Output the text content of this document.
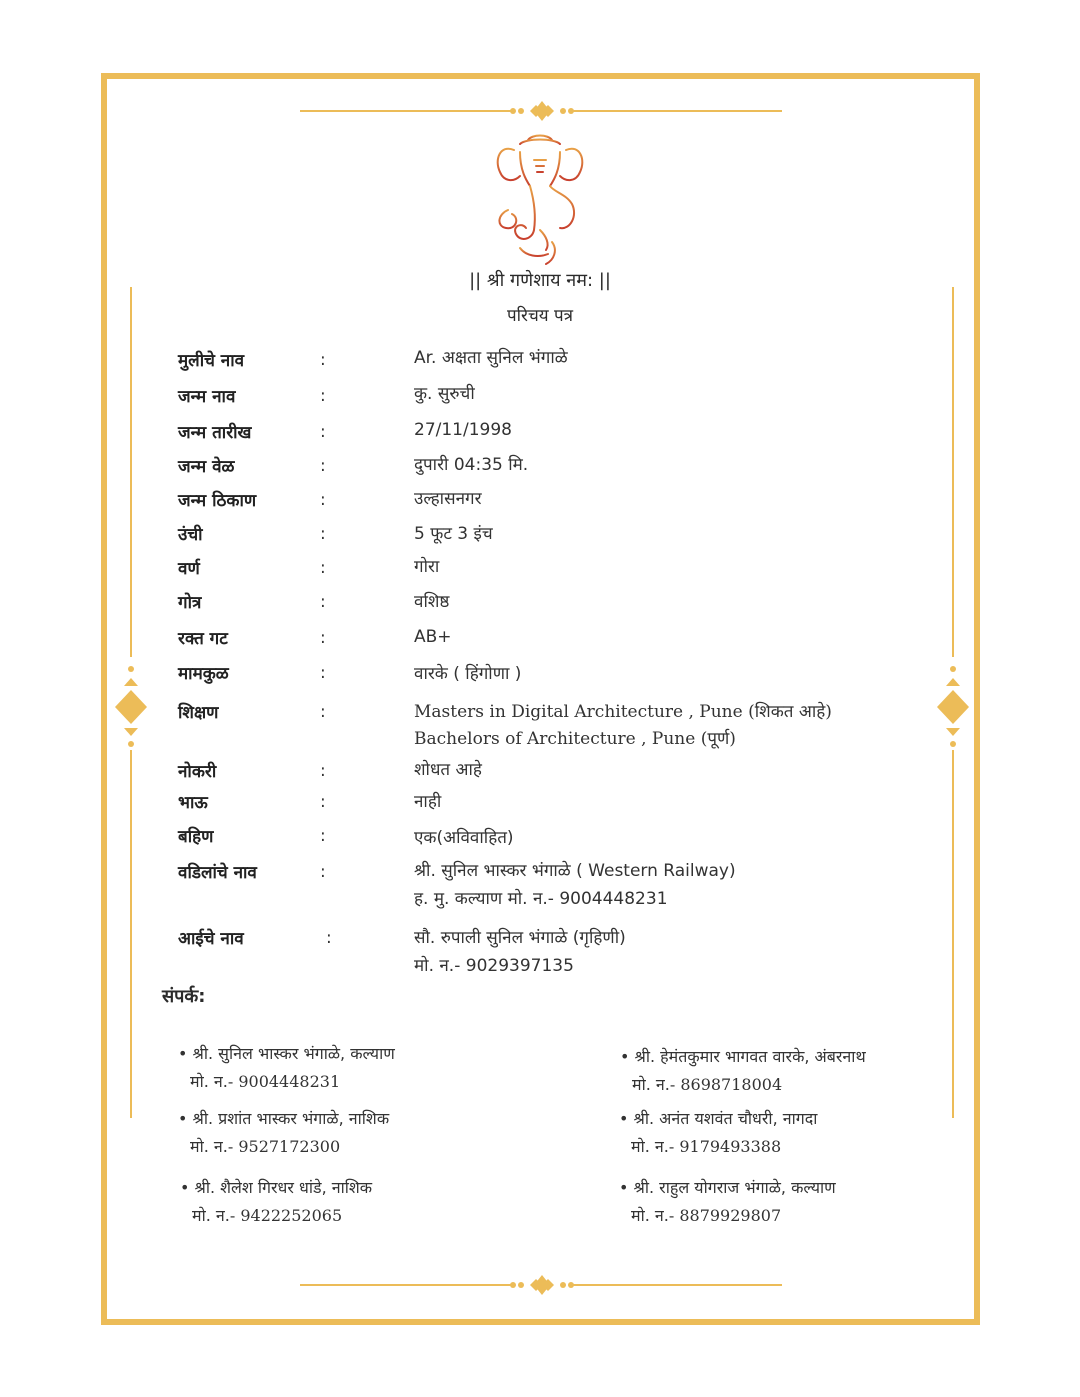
|| श्री गणेशाय नम: ||
परिचय पत्र
मुलीचे नाव	:	Ar. अक्षता सुनिल भंगाळे
जन्म नाव	:	कु. सुरुची
जन्म तारीख	:	27/11/1998
जन्म वेळ	:	दुपारी 04:35 मि.
जन्म ठिकाण	:	उल्हासनगर
उंची	:	5 फूट 3 इंच
वर्ण	:	गोरा
गोत्र	:	वशिष्ठ
रक्त गट	:	AB+
मामकुळ	:	वारके ( हिंगोणा )
शिक्षण	:	Masters in Digital Architecture , Pune (शिकत आहे)
Bachelors of Architecture , Pune (पूर्ण)
नोकरी	:	शोधत आहे
भाऊ	:	नाही
बहिण	:	एक(अविवाहित)
वडिलांचे नाव	:	श्री. सुनिल भास्कर भंगाळे ( Western Railway)
ह. मु. कल्याण मो. न.- 9004448231
आईचे नाव	:	सौ. रुपाली सुनिल भंगाळे (गृहिणी)
मो. न.- 9029397135
संपर्क:
• श्री. सुनिल भास्कर भंगाळे, कल्याण
मो. न.- 9004448231
• श्री. प्रशांत भास्कर भंगाळे, नाशिक
मो. न.- 9527172300
• श्री. शैलेश गिरधर धांडे, नाशिक
मो. न.- 9422252065
• श्री. हेमंतकुमार भागवत वारके, अंबरनाथ
मो. न.- 8698718004
• श्री. अनंत यशवंत चौधरी, नागदा
मो. न.- 9179493388
• श्री. राहुल योगराज भंगाळे, कल्याण
मो. न.- 8879929807
